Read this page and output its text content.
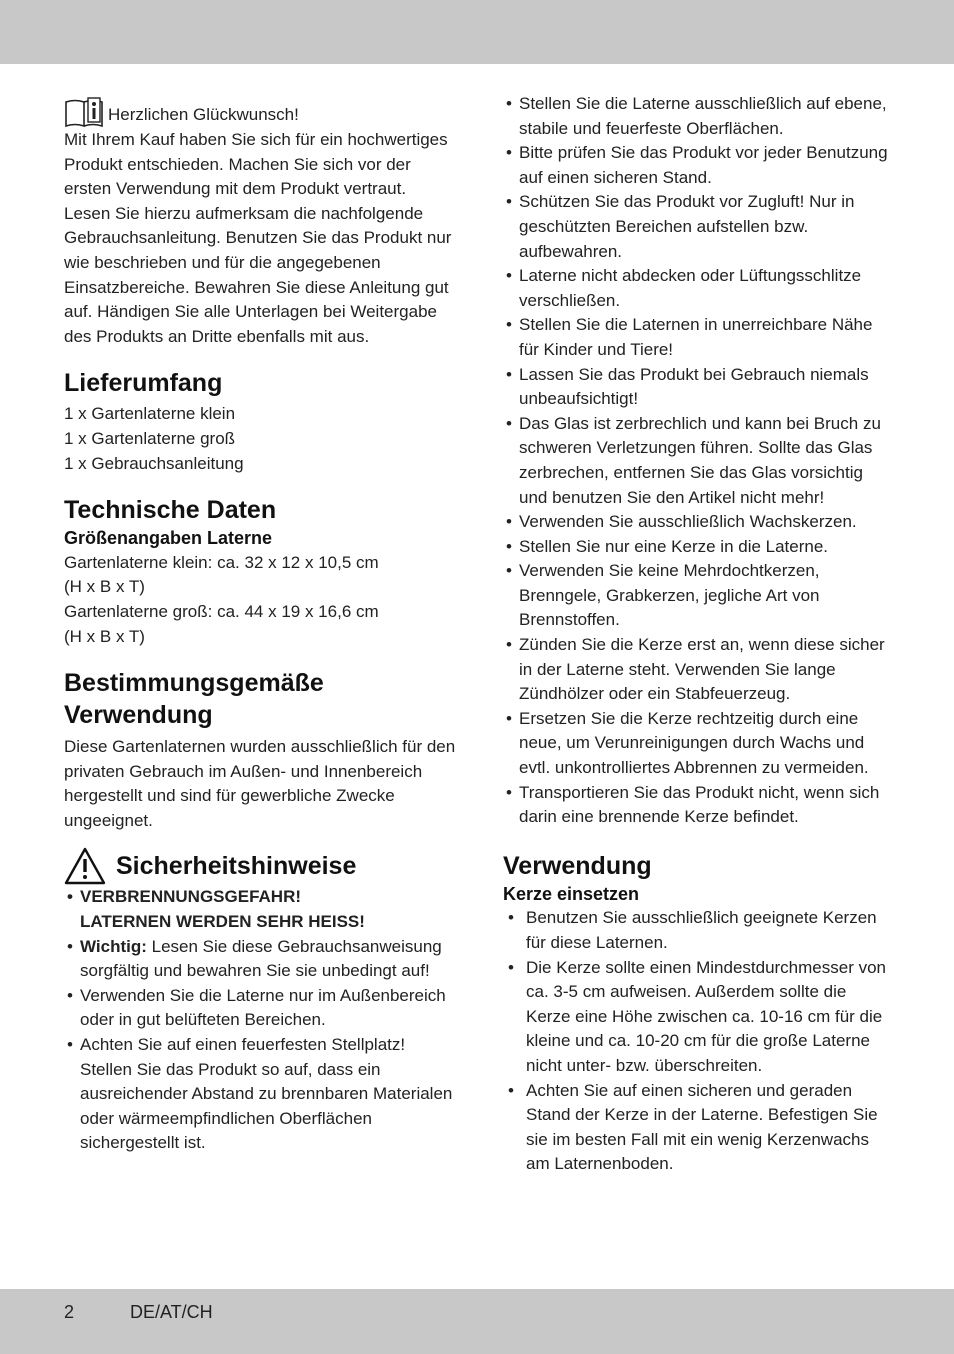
Herzlichen Glückwunsch!

Mit Ihrem Kauf haben Sie sich für ein hochwertiges Produkt entschieden. Machen Sie sich vor der ersten Verwendung mit dem Produkt vertraut. Lesen Sie hierzu aufmerksam die nachfolgende Gebrauchsanleitung. Benutzen Sie das Produkt nur wie beschrieben und für die angegebenen Einsatzbereiche. Bewahren Sie diese Anleitung gut auf. Händigen Sie alle Unterlagen bei Weitergabe des Produkts an Dritte ebenfalls mit aus.

Lieferumfang

1 x Gartenlaterne klein

1 x Gartenlaterne groß

1 x Gebrauchsanleitung

Technische Daten
Größenangaben Laterne

Gartenlaterne klein: ca. 32 x 12 x 10,5 cm

(H x B x T)

Gartenlaterne groß: ca. 44 x 19 x 16,6 cm

(H x B x T)

Bestimmungsgemäße
Verwendung

Diese Gartenlaternen wurden ausschließlich für den privaten Gebrauch im Außen- und Innenbereich hergestellt und sind für gewerbliche Zwecke ungeeignet.

Sicherheitshinweise
• VERBRENNUNGSGEFAHR!
LATERNEN WERDEN SEHR HEISS!
• Wichtig: Lesen Sie diese Gebrauchsanweisung sorgfältig und bewahren Sie sie unbedingt auf!
• Verwenden Sie die Laterne nur im Außenbereich oder in gut belüfteten Bereichen.
• Achten Sie auf einen feuerfesten Stellplatz! Stellen Sie das Produkt so auf, dass ein ausreichender Abstand zu brennbaren Materialen oder wärmeempfindlichen Oberflächen sichergestellt ist.
• Stellen Sie die Laterne ausschließlich auf ebene, stabile und feuerfeste Oberflächen.
• Bitte prüfen Sie das Produkt vor jeder Benutzung auf einen sicheren Stand.
• Schützen Sie das Produkt vor Zugluft! Nur in geschützten Bereichen aufstellen bzw. aufbewahren.
• Laterne nicht abdecken oder Lüftungsschlitze verschließen.
• Stellen Sie die Laternen in unerreichbare Nähe für Kinder und Tiere!
• Lassen Sie das Produkt bei Gebrauch niemals unbeaufsichtigt!
• Das Glas ist zerbrechlich und kann bei Bruch zu schweren Verletzungen führen. Sollte das Glas zerbrechen, entfernen Sie das Glas vorsichtig und benutzen Sie den Artikel nicht mehr!
• Verwenden Sie ausschließlich Wachskerzen.
• Stellen Sie nur eine Kerze in die Laterne.
• Verwenden Sie keine Mehrdochtkerzen, Brenngele, Grabkerzen, jegliche Art von Brennstoffen.
• Zünden Sie die Kerze erst an, wenn diese sicher in der Laterne steht. Verwenden Sie lange Zündhölzer oder ein Stabfeuerzeug.
• Ersetzen Sie die Kerze rechtzeitig durch eine neue, um Verunreinigungen durch Wachs und evtl. unkontrolliertes Abbrennen zu vermeiden.
• Transportieren Sie das Produkt nicht, wenn sich darin eine brennende Kerze befindet.
Verwendung
Kerze einsetzen
• Benutzen Sie ausschließlich geeignete Kerzen für diese Laternen.
• Die Kerze sollte einen Mindestdurchmesser von ca. 3-5 cm aufweisen. Außerdem sollte die Kerze eine Höhe zwischen ca. 10-16 cm für die kleine und ca. 10-20 cm für die große Laterne nicht unter- bzw. überschreiten.
• Achten Sie auf einen sicheren und geraden Stand der Kerze in der Laterne. Befestigen Sie sie im besten Fall mit ein wenig Kerzenwachs am Laternenboden.
2	DE/AT/CH
